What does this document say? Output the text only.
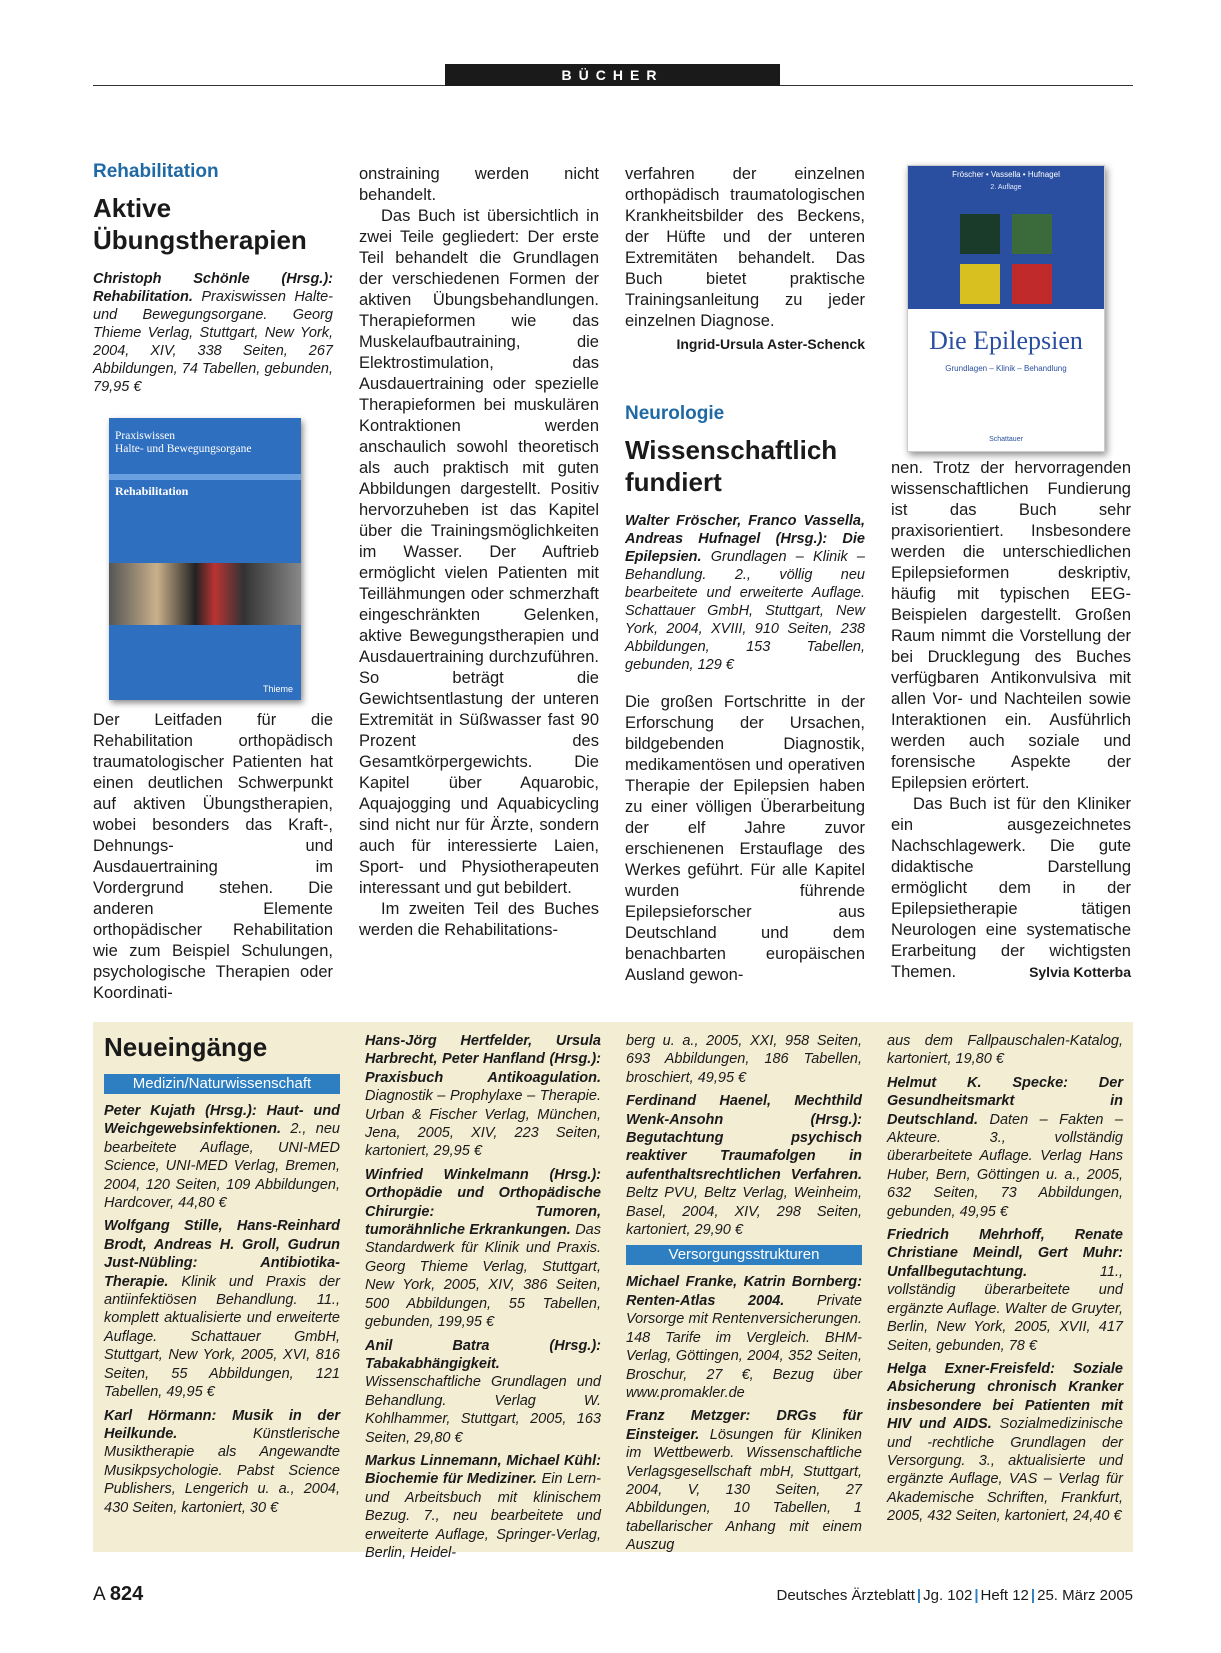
BÜCHER

Rehabilitation

Aktive
Übungstherapien

Christoph Schönle (Hrsg.): Rehabilitation. Praxiswissen Halte- und Bewegungsorgane. Georg Thieme Verlag, Stuttgart, New York, 2004, XIV, 338 Seiten, 267 Abbildungen, 74 Tabellen, gebunden, 79,95 €

Praxiswissen
Halte- und Bewegungsorgane
Rehabilitation
Thieme

Der Leitfaden für die Rehabilitation orthopädisch traumatologischer Patienten hat einen deutlichen Schwerpunkt auf aktiven Übungstherapien, wobei besonders das Kraft-, Dehnungs- und Ausdauertraining im Vordergrund stehen. Die anderen Elemente orthopädischer Rehabilitation wie zum Beispiel Schulungen, psychologische Therapien oder Koordinati-

onstraining werden nicht behandelt.

Das Buch ist übersichtlich in zwei Teile gegliedert: Der erste Teil behandelt die Grundlagen der verschiedenen Formen der aktiven Übungsbehandlungen. Therapieformen wie das Muskelaufbautraining, die Elektrostimulation, das Ausdauertraining oder spezielle Therapieformen bei muskulären Kontraktionen werden anschaulich sowohl theoretisch als auch praktisch mit guten Abbildungen dargestellt. Positiv hervorzuheben ist das Kapitel über die Trainingsmöglichkeiten im Wasser. Der Auftrieb ermöglicht vielen Patienten mit Teillähmungen oder schmerzhaft eingeschränkten Gelenken, aktive Bewegungstherapien und Ausdauertraining durchzuführen. So beträgt die Gewichtsentlastung der unteren Extremität in Süßwasser fast 90 Prozent des Gesamtkörpergewichts. Die Kapitel über Aquarobic, Aquajogging und Aquabicycling sind nicht nur für Ärzte, sondern auch für interessierte Laien, Sport- und Physiotherapeuten interessant und gut bebildert.

Im zweiten Teil des Buches werden die Rehabilitations-

verfahren der einzelnen orthopädisch traumatologischen Krankheitsbilder des Beckens, der Hüfte und der unteren Extremitäten behandelt. Das Buch bietet praktische Trainingsanleitung zu jeder einzelnen Diagnose.

Ingrid-Ursula Aster-Schenck

Neurologie

Wissenschaftlich
fundiert

Walter Fröscher, Franco Vassella, Andreas Hufnagel (Hrsg.): Die Epilepsien. Grundlagen – Klinik – Behandlung. 2., völlig neu bearbeitete und erweiterte Auflage. Schattauer GmbH, Stuttgart, New York, 2004, XVIII, 910 Seiten, 238 Abbildungen, 153 Tabellen, gebunden, 129 €

Die großen Fortschritte in der Erforschung der Ursachen, bildgebenden Diagnostik, medikamentösen und operativen Therapie der Epilepsien haben zu einer völligen Überarbeitung der elf Jahre zuvor erschienenen Erstauflage des Werkes geführt. Für alle Kapitel wurden führende Epilepsieforscher aus Deutschland und dem benachbarten europäischen Ausland gewon-

Fröscher • Vassella • Hufnagel
2. Auflage
Die Epilepsien
Grundlagen – Klinik – Behandlung
Schattauer

nen. Trotz der hervorragenden wissenschaftlichen Fundierung ist das Buch sehr praxisorientiert. Insbesondere werden die unterschiedlichen Epilepsieformen deskriptiv, häufig mit typischen EEG-Beispielen dargestellt. Großen Raum nimmt die Vorstellung der bei Drucklegung des Buches verfügbaren Antikonvulsiva mit allen Vor- und Nachteilen sowie Interaktionen ein. Ausführlich werden auch soziale und forensische Aspekte der Epilepsien erörtert.

Das Buch ist für den Kliniker ein ausgezeichnetes Nachschlagewerk. Die gute didaktische Darstellung ermöglicht dem in der Epilepsietherapie tätigen Neurologen eine systematische Erarbeitung der wichtigsten Themen.	Sylvia Kotterba
Neueingänge
Medizin/Naturwissenschaft

Peter Kujath (Hrsg.): Haut- und Weichgewebsinfektionen. 2., neu bearbeitete Auflage, UNI-MED Science, UNI-MED Verlag, Bremen, 2004, 120 Seiten, 109 Abbildungen, Hardcover, 44,80 €

Wolfgang Stille, Hans-Reinhard Brodt, Andreas H. Groll, Gudrun Just-Nübling: Antibiotika-Therapie. Klinik und Praxis der antiinfektiösen Behandlung. 11., komplett aktualisierte und erweiterte Auflage. Schattauer GmbH, Stuttgart, New York, 2005, XVI, 816 Seiten, 55 Abbildungen, 121 Tabellen, 49,95 €

Karl Hörmann: Musik in der Heilkunde. Künstlerische Musiktherapie als Angewandte Musikpsychologie. Pabst Science Publishers, Lengerich u. a., 2004, 430 Seiten, kartoniert, 30 €

Hans-Jörg Hertfelder, Ursula Harbrecht, Peter Hanfland (Hrsg.): Praxisbuch Antikoagulation. Diagnostik – Prophylaxe – Therapie. Urban & Fischer Verlag, München, Jena, 2005, XIV, 223 Seiten, kartoniert, 29,95 €

Winfried Winkelmann (Hrsg.): Orthopädie und Orthopädische Chirurgie: Tumoren, tumorähnliche Erkrankungen. Das Standardwerk für Klinik und Praxis. Georg Thieme Verlag, Stuttgart, New York, 2005, XIV, 386 Seiten, 500 Abbildungen, 55 Tabellen, gebunden, 199,95 €

Anil Batra (Hrsg.): Tabakabhängigkeit. Wissenschaftliche Grundlagen und Behandlung. Verlag W. Kohlhammer, Stuttgart, 2005, 163 Seiten, 29,80 €

Markus Linnemann, Michael Kühl: Biochemie für Mediziner. Ein Lern- und Arbeitsbuch mit klinischem Bezug. 7., neu bearbeitete und erweiterte Auflage, Springer-Verlag, Berlin, Heidel-

berg u. a., 2005, XXI, 958 Seiten, 693 Abbildungen, 186 Tabellen, broschiert, 49,95 €

Ferdinand Haenel, Mechthild Wenk-Ansohn (Hrsg.): Begutachtung psychisch reaktiver Traumafolgen in aufenthaltsrechtlichen Verfahren. Beltz PVU, Beltz Verlag, Weinheim, Basel, 2004, XIV, 298 Seiten, kartoniert, 29,90 €

Versorgungsstrukturen

Michael Franke, Katrin Bornberg: Renten-Atlas 2004. Private Vorsorge mit Rentenversicherungen. 148 Tarife im Vergleich. BHM-Verlag, Göttingen, 2004, 352 Seiten, Broschur, 27 €, Bezug über www.promakler.de

Franz Metzger: DRGs für Einsteiger. Lösungen für Kliniken im Wettbewerb. Wissenschaftliche Verlagsgesellschaft mbH, Stuttgart, 2004, V, 130 Seiten, 27 Abbildungen, 10 Tabellen, 1 tabellarischer Anhang mit einem Auszug

aus dem Fallpauschalen-Katalog, kartoniert, 19,80 €

Helmut K. Specke: Der Gesundheitsmarkt in Deutschland. Daten – Fakten – Akteure. 3., vollständig überarbeitete Auflage. Verlag Hans Huber, Bern, Göttingen u. a., 2005, 632 Seiten, 73 Abbildungen, gebunden, 49,95 €

Friedrich Mehrhoff, Renate Christiane Meindl, Gert Muhr: Unfallbegutachtung. 11., vollständig überarbeitete und ergänzte Auflage. Walter de Gruyter, Berlin, New York, 2005, XVII, 417 Seiten, gebunden, 78 €

Helga Exner-Freisfeld: Soziale Absicherung chronisch Kranker insbesondere bei Patienten mit HIV und AIDS. Sozialmedizinische und -rechtliche Grundlagen der Versorgung. 3., aktualisierte und ergänzte Auflage, VAS – Verlag für Akademische Schriften, Frankfurt, 2005, 432 Seiten, kartoniert, 24,40 €

A 824	Deutsches Ärzteblatt | Jg. 102 | Heft 12 | 25. März 2005
